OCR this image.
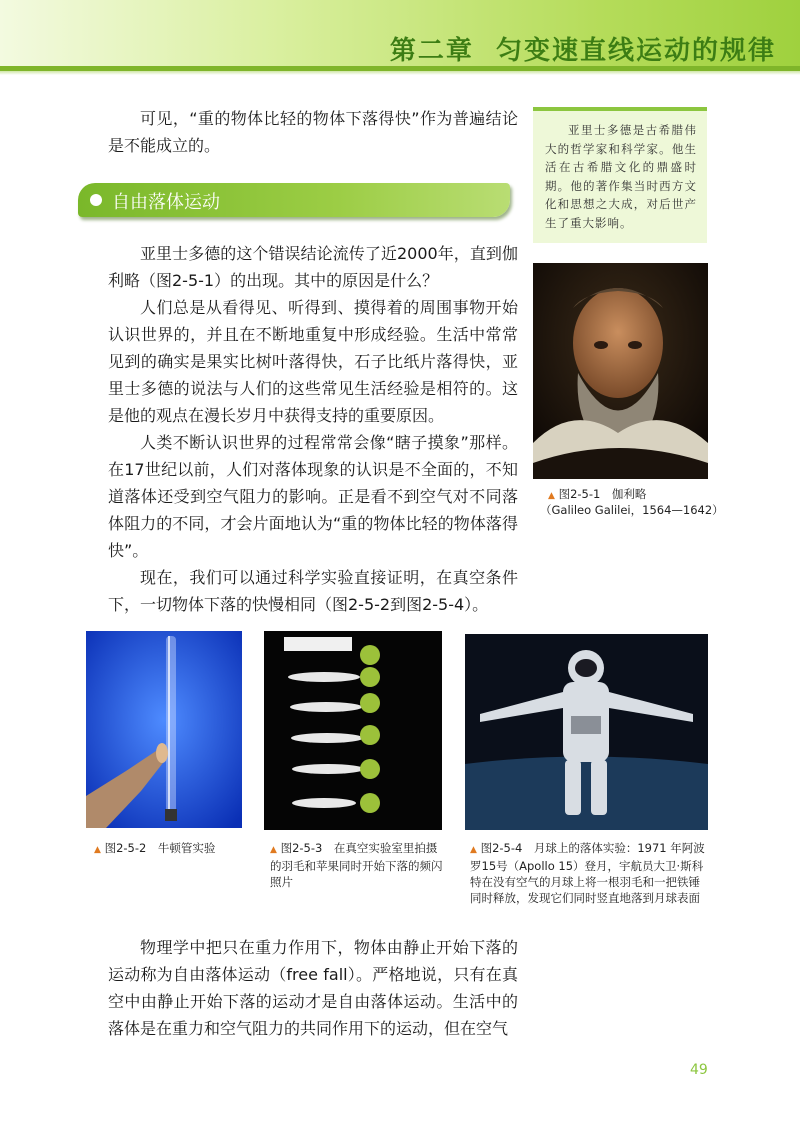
第二章  匀变速直线运动的规律

可见，“重的物体比轻的物体下落得快”作为普遍结论是不能成立的。

自由落体运动

亚里士多德的这个错误结论流传了近2000年，直到伽利略（图2-5-1）的出现。其中的原因是什么？

人们总是从看得见、听得到、摸得着的周围事物开始认识世界的，并且在不断地重复中形成经验。生活中常常见到的确实是果实比树叶落得快，石子比纸片落得快，亚里士多德的说法与人们的这些常见生活经验是相符的。这是他的观点在漫长岁月中获得支持的重要原因。

人类不断认识世界的过程常常会像“瞎子摸象”那样。在17世纪以前，人们对落体现象的认识是不全面的，不知道落体还受到空气阻力的影响。正是看不到空气对不同落体阻力的不同，才会片面地认为“重的物体比轻的物体落得快”。

现在，我们可以通过科学实验直接证明，在真空条件下，一切物体下落的快慢相同（图2-5-2到图2-5-4）。

亚里士多德是古希腊伟大的哲学家和科学家。他生活在古希腊文化的鼎盛时期。他的著作集当时西方文化和思想之大成，对后世产生了重大影响。

▲ 图2-5-1　伽利略
（Galileo Galilei，1564—1642）
▲ 图2-5-2　牛顿管实验	▲ 图2-5-3　在真空实验室里拍摄的羽毛和苹果同时开始下落的频闪照片
▲ 图2-5-4　月球上的落体实验：1971 年阿波罗15号（Apollo 15）登月，宇航员大卫·斯科特在没有空气的月球上将一根羽毛和一把铁锤同时释放，发现它们同时竖直地落到月球表面

物理学中把只在重力作用下，物体由静止开始下落的运动称为自由落体运动（free fall）。严格地说，只有在真空中由静止开始下落的运动才是自由落体运动。生活中的落体是在重力和空气阻力的共同作用下的运动，但在空气

49
